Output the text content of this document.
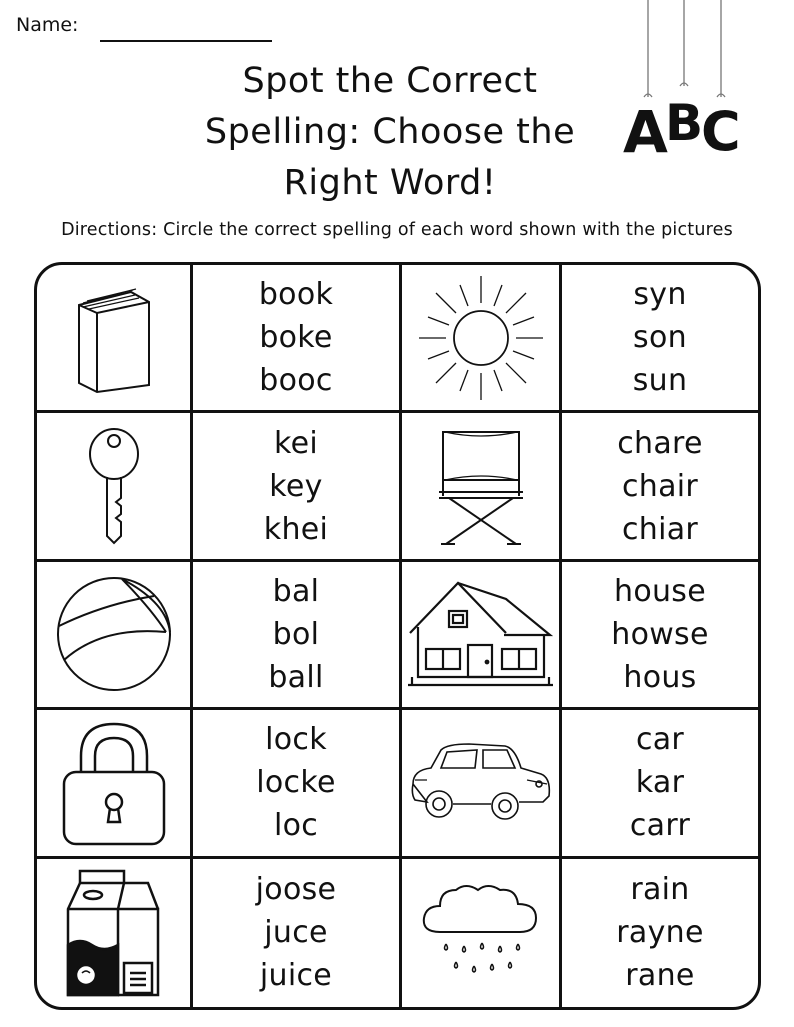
Name:
Spot the Correct
Spelling: Choose the
Right Word!
A
B
C
Directions: Circle the correct spelling of each word shown with the pictures
book
boke
booc
syn
son
sun
kei
key
khei
chare
chair
chiar
bal
bol
ball
house
howse
hous
lock
locke
loc
car
kar
carr
joose
juce
juice
rain
rayne
rane
